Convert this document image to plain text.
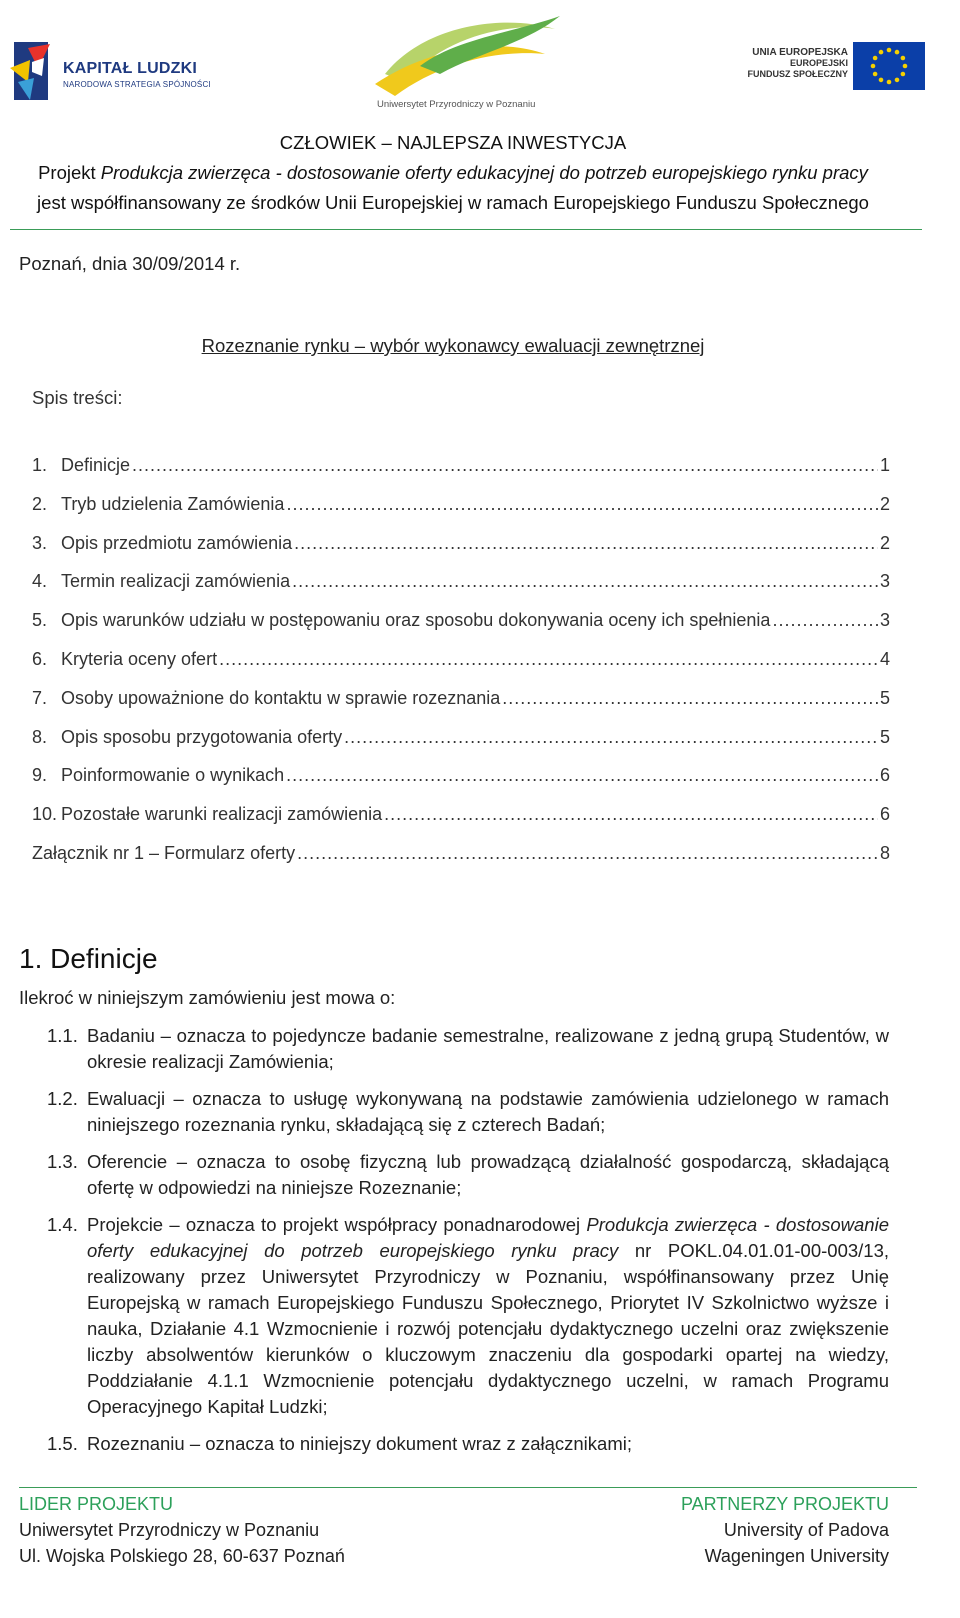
KAPITAŁ LUDZKI
NARODOWA STRATEGIA SPÓJNOŚCI
Uniwersytet Przyrodniczy w Poznaniu
UNIA EUROPEJSKA
EUROPEJSKI
FUNDUSZ SPOŁECZNY
CZŁOWIEK – NAJLEPSZA INWESTYCJA
Projekt Produkcja zwierzęca - dostosowanie oferty edukacyjnej do potrzeb europejskiego rynku pracy
jest współfinansowany ze środków Unii Europejskiej w ramach Europejskiego Funduszu Społecznego
Poznań, dnia 30/09/2014 r.
Rozeznanie rynku – wybór wykonawcy ewaluacji zewnętrznej
Spis treści:
1. Definicje .....	1
2. Tryb udzielenia Zamówienia .....	2
3. Opis przedmiotu zamówienia .....	2
4. Termin realizacji zamówienia .....	3
5. Opis warunków udziału w postępowaniu oraz sposobu dokonywania oceny ich spełnienia .....	3
6. Kryteria oceny ofert .....	4
7. Osoby upoważnione do kontaktu w sprawie rozeznania .....	5
8. Opis sposobu przygotowania oferty .....	5
9. Poinformowanie o wynikach .....	6
10. Pozostałe warunki realizacji zamówienia .....	6
Załącznik nr 1 – Formularz oferty .....	8
1. Definicje
Ilekroć w niniejszym zamówieniu jest mowa o:
1.1. Badaniu – oznacza to pojedyncze badanie semestralne, realizowane z jedną grupą Studentów, w okresie realizacji Zamówienia;
1.2. Ewaluacji – oznacza to usługę wykonywaną na podstawie zamówienia udzielonego w ramach niniejszego rozeznania rynku, składającą się z czterech Badań;
1.3. Oferencie – oznacza to osobę fizyczną lub prowadzącą działalność gospodarczą, składającą ofertę w odpowiedzi na niniejsze Rozeznanie;
1.4. Projekcie – oznacza to projekt współpracy ponadnarodowej Produkcja zwierzęca - dostosowanie oferty edukacyjnej do potrzeb europejskiego rynku pracy nr POKL.04.01.01-00-003/13, realizowany przez Uniwersytet Przyrodniczy w Poznaniu, współfinansowany przez Unię Europejską w ramach Europejskiego Funduszu Społecznego, Priorytet IV Szkolnictwo wyższe i nauka, Działanie 4.1 Wzmocnienie i rozwój potencjału dydaktycznego uczelni oraz zwiększenie liczby absolwentów kierunków o kluczowym znaczeniu dla gospodarki opartej na wiedzy, Poddziałanie 4.1.1 Wzmocnienie potencjału dydaktycznego uczelni, w ramach Programu Operacyjnego Kapitał Ludzki;
1.5. Rozeznaniu – oznacza to niniejszy dokument wraz z załącznikami;
LIDER PROJEKTU
Uniwersytet Przyrodniczy w Poznaniu
Ul. Wojska Polskiego 28, 60-637 Poznań
PARTNERZY PROJEKTU
University of Padova
Wageningen University
